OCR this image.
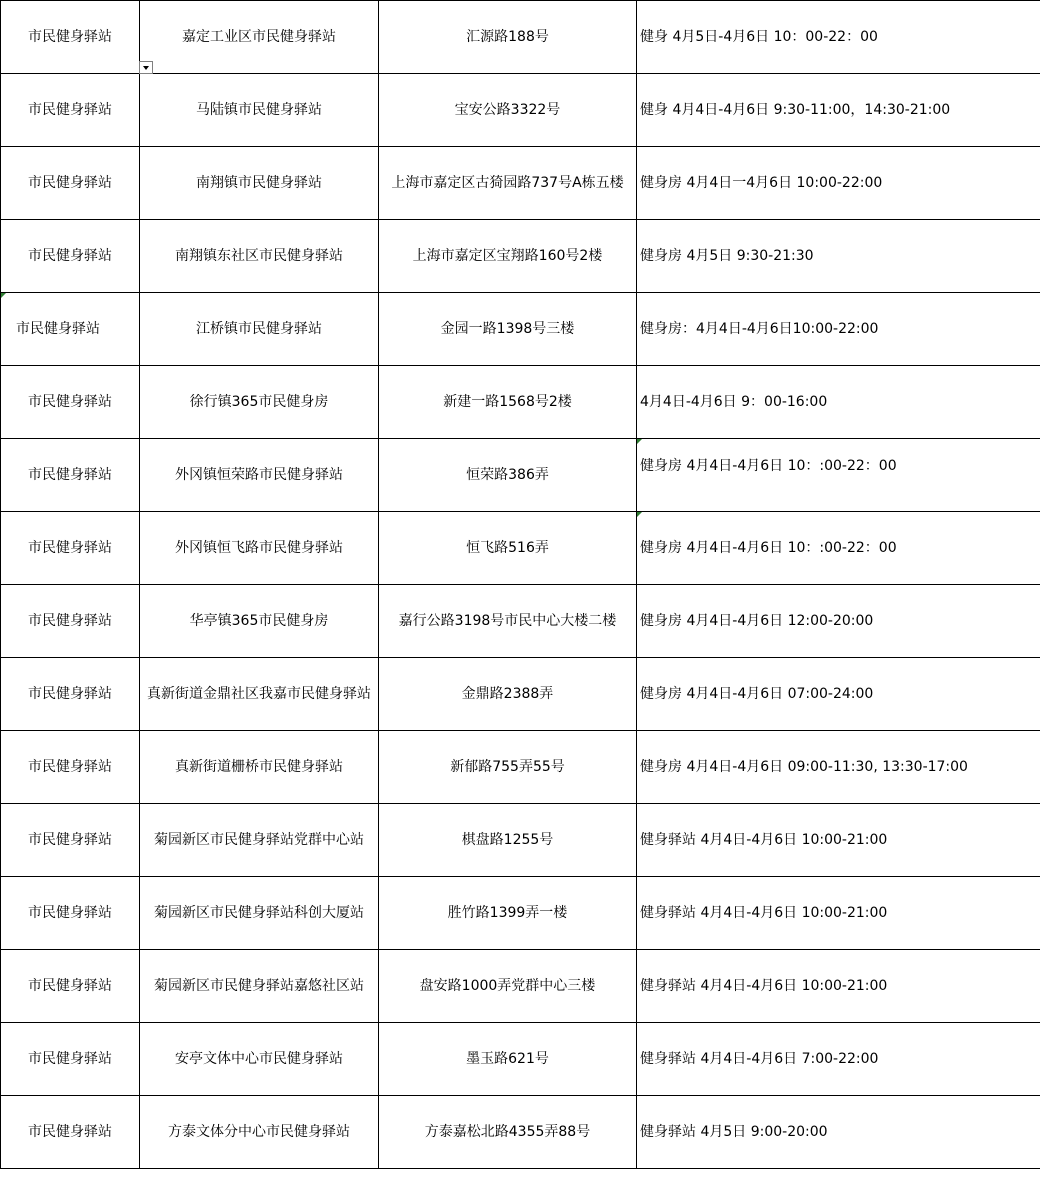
市民健身驿站	嘉定工业区市民健身驿站	汇源路188号	健身 4月5日-4月6日 10：00-22：00
市民健身驿站	马陆镇市民健身驿站	宝安公路3322号	健身 4月4日-4月6日 9:30-11:00，14:30-21:00
市民健身驿站	南翔镇市民健身驿站	上海市嘉定区古猗园路737号A栋五楼	健身房 4月4日一4月6日 10:00-22:00
市民健身驿站	南翔镇东社区市民健身驿站	上海市嘉定区宝翔路160号2楼	健身房 4月5日 9:30-21:30

市民健身驿站	江桥镇市民健身驿站	金园一路1398号三楼	健身房：4月4日-4月6日10:00-22:00
市民健身驿站	徐行镇365市民健身房	新建一路1568号2楼	4月4日-4月6日 9：00-16:00
市民健身驿站	外冈镇恒荣路市民健身驿站	恒荣路386弄	健身房 4月4日-4月6日 10：:00-22：00
市民健身驿站	外冈镇恒飞路市民健身驿站	恒飞路516弄	健身房 4月4日-4月6日 10：:00-22：00
市民健身驿站	华亭镇365市民健身房	嘉行公路3198号市民中心大楼二楼	健身房 4月4日-4月6日 12:00-20:00
市民健身驿站	真新街道金鼎社区我嘉市民健身驿站	金鼎路2388弄	健身房 4月4日-4月6日 07:00-24:00
市民健身驿站	真新街道栅桥市民健身驿站	新郁路755弄55号	健身房 4月4日-4月6日 09:00-11:30, 13:30-17:00
市民健身驿站	菊园新区市民健身驿站党群中心站	棋盘路1255号	健身驿站 4月4日-4月6日 10:00-21:00
市民健身驿站	菊园新区市民健身驿站科创大厦站	胜竹路1399弄一楼	健身驿站 4月4日-4月6日 10:00-21:00
市民健身驿站	菊园新区市民健身驿站嘉悠社区站	盘安路1000弄党群中心三楼	健身驿站 4月4日-4月6日 10:00-21:00
市民健身驿站	安亭文体中心市民健身驿站	墨玉路621号	健身驿站 4月4日-4月6日 7:00-22:00
市民健身驿站	方泰文体分中心市民健身驿站	方泰嘉松北路4355弄88号	健身驿站 4月5日 9:00-20:00
